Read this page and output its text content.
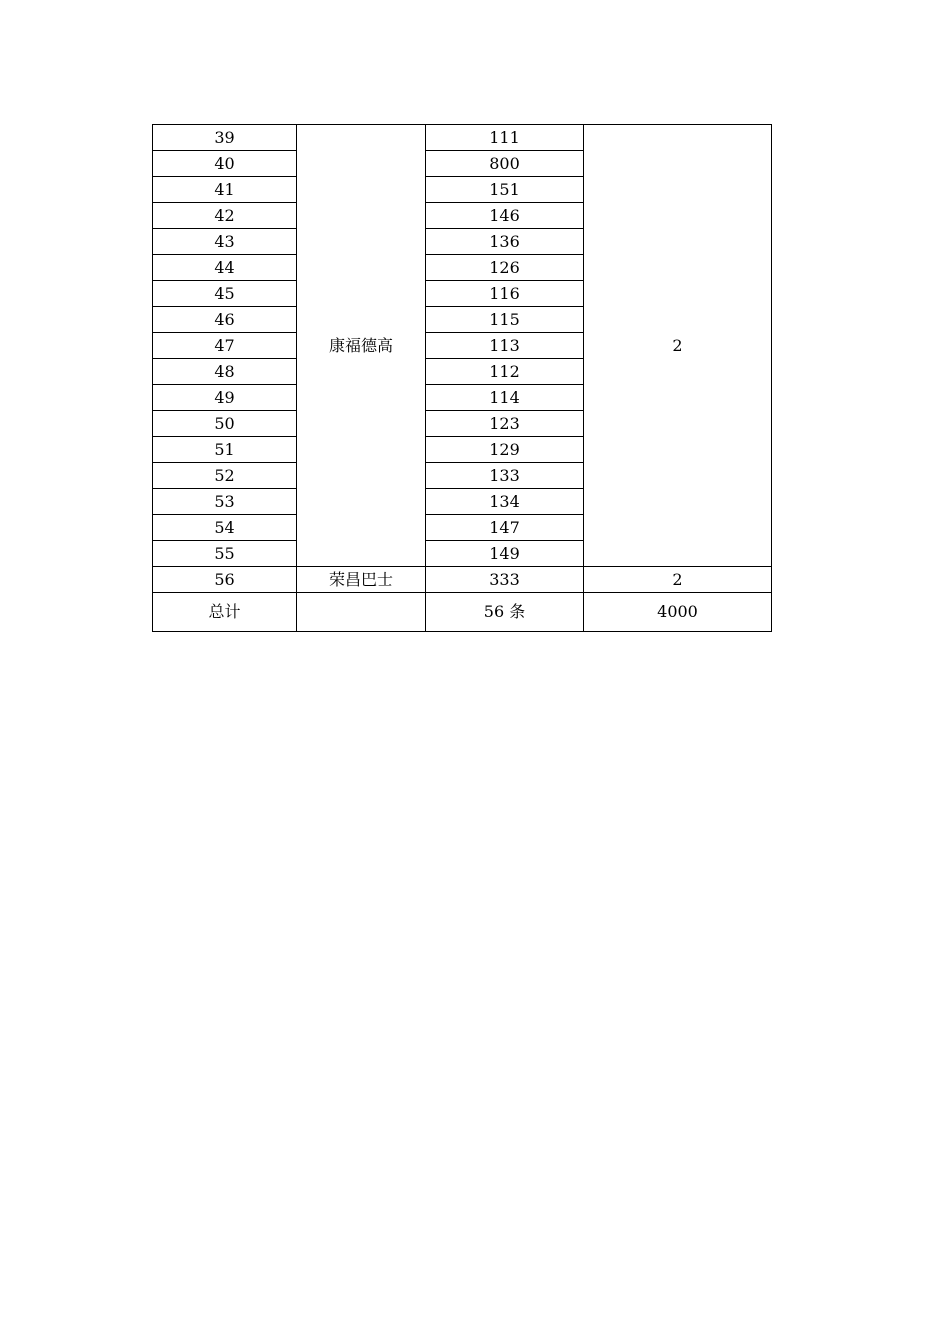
39	康福德高	111	2
40		800	
41		151	
42		146	
43		136	
44		126	
45		116	
46		115	
47		113	
48		112	
49		114	
50		123	
51		129	
52		133	
53		134	
54		147	
55		149	
56	荣昌巴士	333	2
总计		56 条	4000
